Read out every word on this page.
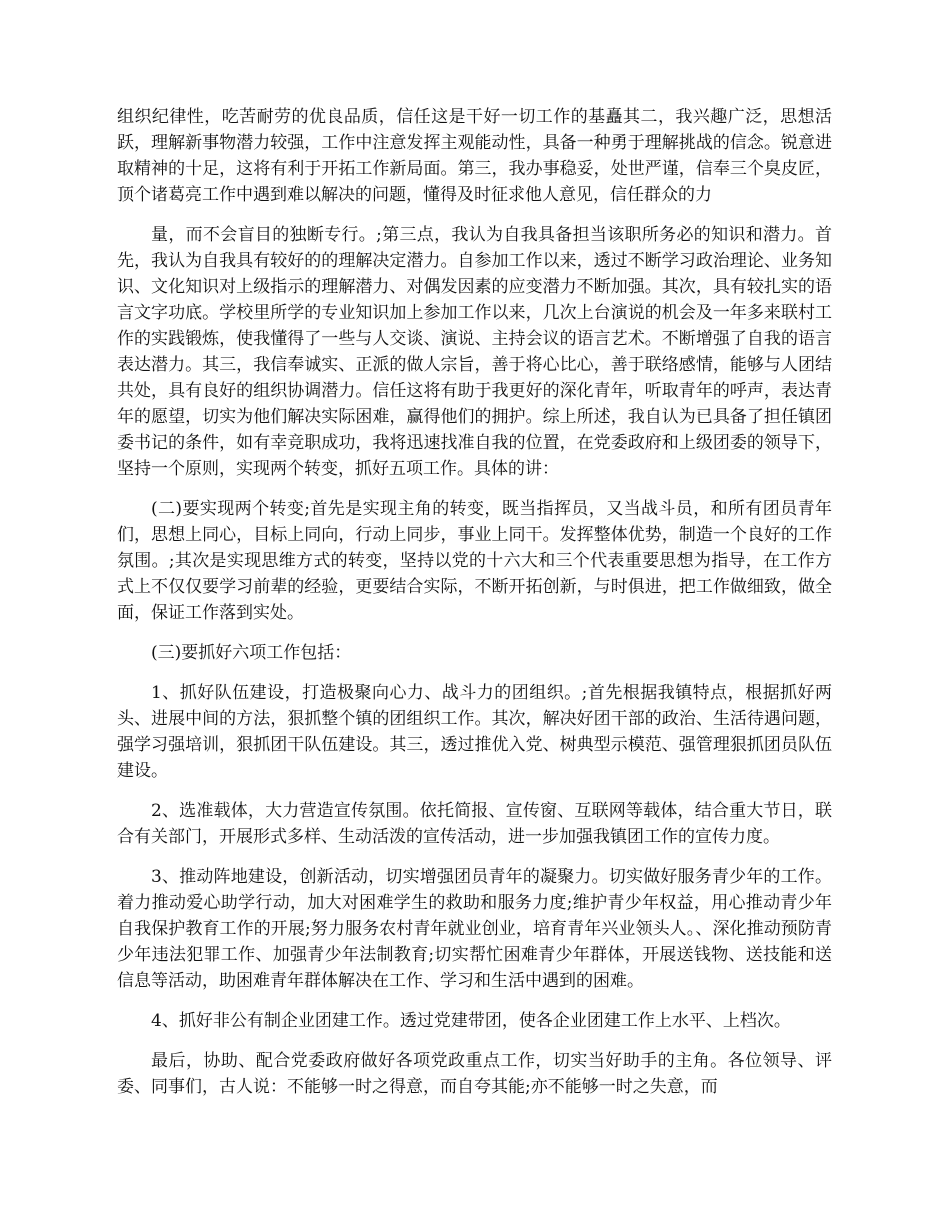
组织纪律性，吃苦耐劳的优良品质，信任这是干好一切工作的基矗其二，我兴趣广泛，思想活跃，理解新事物潜力较强，工作中注意发挥主观能动性，具备一种勇于理解挑战的信念。锐意进取精神的十足，这将有利于开拓工作新局面。第三，我办事稳妥，处世严谨，信奉三个臭皮匠，顶个诸葛亮工作中遇到难以解决的问题，懂得及时征求他人意见，信任群众的力

量，而不会盲目的独断专行。;第三点，我认为自我具备担当该职所务必的知识和潜力。首先，我认为自我具有较好的的理解决定潜力。自参加工作以来，透过不断学习政治理论、业务知识、文化知识对上级指示的理解潜力、对偶发因素的应变潜力不断加强。其次，具有较扎实的语言文字功底。学校里所学的专业知识加上参加工作以来，几次上台演说的机会及一年多来联村工作的实践锻炼，使我懂得了一些与人交谈、演说、主持会议的语言艺术。不断增强了自我的语言表达潜力。其三，我信奉诚实、正派的做人宗旨，善于将心比心，善于联络感情，能够与人团结共处，具有良好的组织协调潜力。信任这将有助于我更好的深化青年，听取青年的呼声，表达青年的愿望，切实为他们解决实际困难，赢得他们的拥护。综上所述，我自认为已具备了担任镇团委书记的条件，如有幸竞职成功，我将迅速找准自我的位置，在党委政府和上级团委的领导下，坚持一个原则，实现两个转变，抓好五项工作。具体的讲：

(二)要实现两个转变;首先是实现主角的转变，既当指挥员，又当战斗员，和所有团员青年们，思想上同心，目标上同向，行动上同步，事业上同干。发挥整体优势，制造一个良好的工作氛围。;其次是实现思维方式的转变，坚持以党的十六大和三个代表重要思想为指导，在工作方式上不仅仅要学习前辈的经验，更要结合实际，不断开拓创新，与时俱进，把工作做细致，做全面，保证工作落到实处。

(三)要抓好六项工作包括：

1、抓好队伍建设，打造极聚向心力、战斗力的团组织。;首先根据我镇特点，根据抓好两头、进展中间的方法，狠抓整个镇的团组织工作。其次，解决好团干部的政治、生活待遇问题，强学习强培训，狠抓团干队伍建设。其三，透过推优入党、树典型示模范、强管理狠抓团员队伍建设。

2、选准载体，大力营造宣传氛围。依托简报、宣传窗、互联网等载体，结合重大节日，联合有关部门，开展形式多样、生动活泼的宣传活动，进一步加强我镇团工作的宣传力度。

3、推动阵地建设，创新活动，切实增强团员青年的凝聚力。切实做好服务青少年的工作。着力推动爱心助学行动，加大对困难学生的救助和服务力度;维护青少年权益，用心推动青少年自我保护教育工作的开展;努力服务农村青年就业创业，培育青年兴业领头人。、深化推动预防青少年违法犯罪工作、加强青少年法制教育;切实帮忙困难青少年群体，开展送钱物、送技能和送信息等活动，助困难青年群体解决在工作、学习和生活中遇到的困难。

4、抓好非公有制企业团建工作。透过党建带团，使各企业团建工作上水平、上档次。

最后，协助、配合党委政府做好各项党政重点工作，切实当好助手的主角。各位领导、评委、同事们，古人说：不能够一时之得意，而自夸其能;亦不能够一时之失意，而
